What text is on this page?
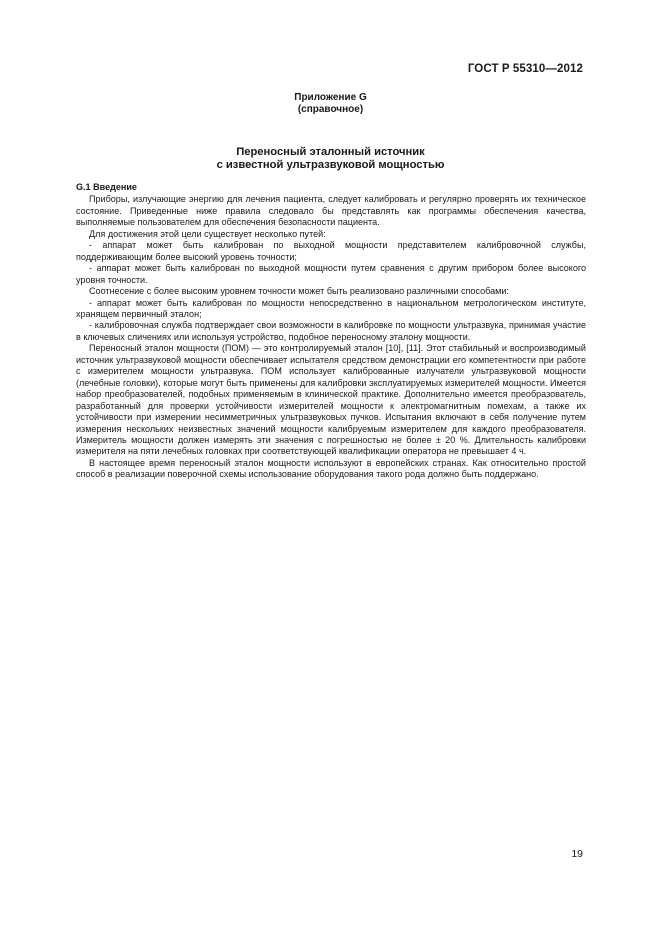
ГОСТ Р 55310—2012
Приложение G
(справочное)
Переносный эталонный источник
с известной ультразвуковой мощностью
G.1 Введение

Приборы, излучающие энергию для лечения пациента, следует калибровать и регулярно проверять их техническое состояние. Приведенные ниже правила следовало бы представлять как программы обеспечения качества, выполняемые пользователем для обеспечения безопасности пациента.

Для достижения этой цели существует несколько путей:

- аппарат может быть калиброван по выходной мощности представителем калибровочной службы, поддерживающим более высокий уровень точности;

- аппарат может быть калиброван по выходной мощности путем сравнения с другим прибором более высокого уровня точности.

Соотнесение с более высоким уровнем точности может быть реализовано различными способами:

- аппарат может быть калиброван по мощности непосредственно в национальном метрологическом институте, хранящем первичный эталон;

- калибровочная служба подтверждает свои возможности в калибровке по мощности ультразвука, принимая участие в ключевых сличениях или используя устройство, подобное переносному эталону мощности.

Переносный эталон мощности (ПОМ) — это контролируемый эталон [10], [11]. Этот стабильный и воспроизводимый источник ультразвуковой мощности обеспечивает испытателя средством демонстрации его компетентности при работе с измерителем мощности ультразвука. ПОМ использует калиброванные излучатели ультразвуковой мощности (лечебные головки), которые могут быть применены для калибровки эксплуатируемых измерителей мощности. Имеется набор преобразователей, подобных применяемым в клинической практике. Дополнительно имеется преобразователь, разработанный для проверки устойчивости измерителей мощности к электромагнитным помехам, а также их устойчивости при измерении несимметричных ультразвуковых пучков. Испытания включают в себя получение путем измерения нескольких неизвестных значений мощности калибруемым измерителем для каждого преобразователя. Измеритель мощности должен измерять эти значения с погрешностью не более ± 20 %. Длительность калибровки измерителя на пяти лечебных головках при соответствующей квалификации оператора не превышает 4 ч.

В настоящее время переносный эталон мощности используют в европейских странах. Как относительно простой способ в реализации поверочной схемы использование оборудования такого рода должно быть поддержано.

19
